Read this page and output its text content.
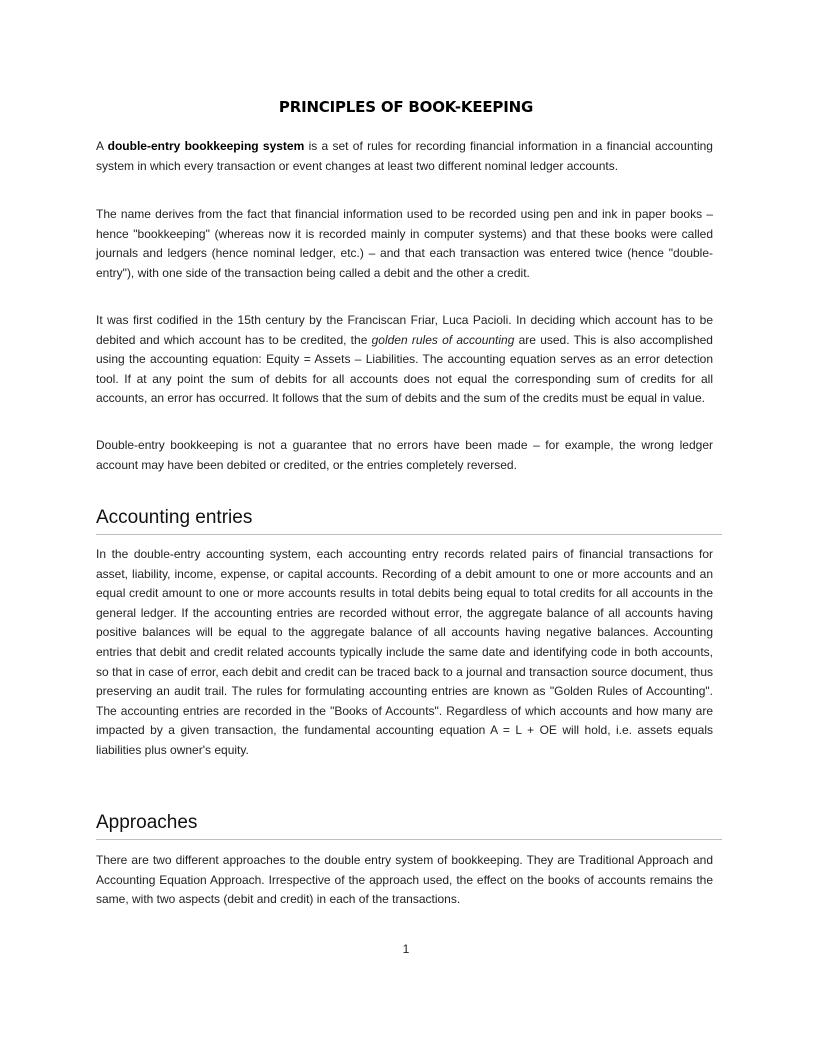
PRINCIPLES OF BOOK-KEEPING

A double-entry bookkeeping system is a set of rules for recording financial information in a financial accounting system in which every transaction or event changes at least two different nominal ledger accounts.

The name derives from the fact that financial information used to be recorded using pen and ink in paper books – hence "bookkeeping" (whereas now it is recorded mainly in computer systems) and that these books were called journals and ledgers (hence nominal ledger, etc.) – and that each transaction was entered twice (hence "double-entry"), with one side of the transaction being called a debit and the other a credit.

It was first codified in the 15th century by the Franciscan Friar, Luca Pacioli. In deciding which account has to be debited and which account has to be credited, the golden rules of accounting are used. This is also accomplished using the accounting equation: Equity = Assets – Liabilities. The accounting equation serves as an error detection tool. If at any point the sum of debits for all accounts does not equal the corresponding sum of credits for all accounts, an error has occurred. It follows that the sum of debits and the sum of the credits must be equal in value.

Double-entry bookkeeping is not a guarantee that no errors have been made – for example, the wrong ledger account may have been debited or credited, or the entries completely reversed.

Accounting entries

In the double-entry accounting system, each accounting entry records related pairs of financial transactions for asset, liability, income, expense, or capital accounts. Recording of a debit amount to one or more accounts and an equal credit amount to one or more accounts results in total debits being equal to total credits for all accounts in the general ledger. If the accounting entries are recorded without error, the aggregate balance of all accounts having positive balances will be equal to the aggregate balance of all accounts having negative balances. Accounting entries that debit and credit related accounts typically include the same date and identifying code in both accounts, so that in case of error, each debit and credit can be traced back to a journal and transaction source document, thus preserving an audit trail. The rules for formulating accounting entries are known as "Golden Rules of Accounting". The accounting entries are recorded in the "Books of Accounts". Regardless of which accounts and how many are impacted by a given transaction, the fundamental accounting equation A = L + OE will hold, i.e. assets equals liabilities plus owner's equity.

Approaches

There are two different approaches to the double entry system of bookkeeping. They are Traditional Approach and Accounting Equation Approach. Irrespective of the approach used, the effect on the books of accounts remains the same, with two aspects (debit and credit) in each of the transactions.

1
